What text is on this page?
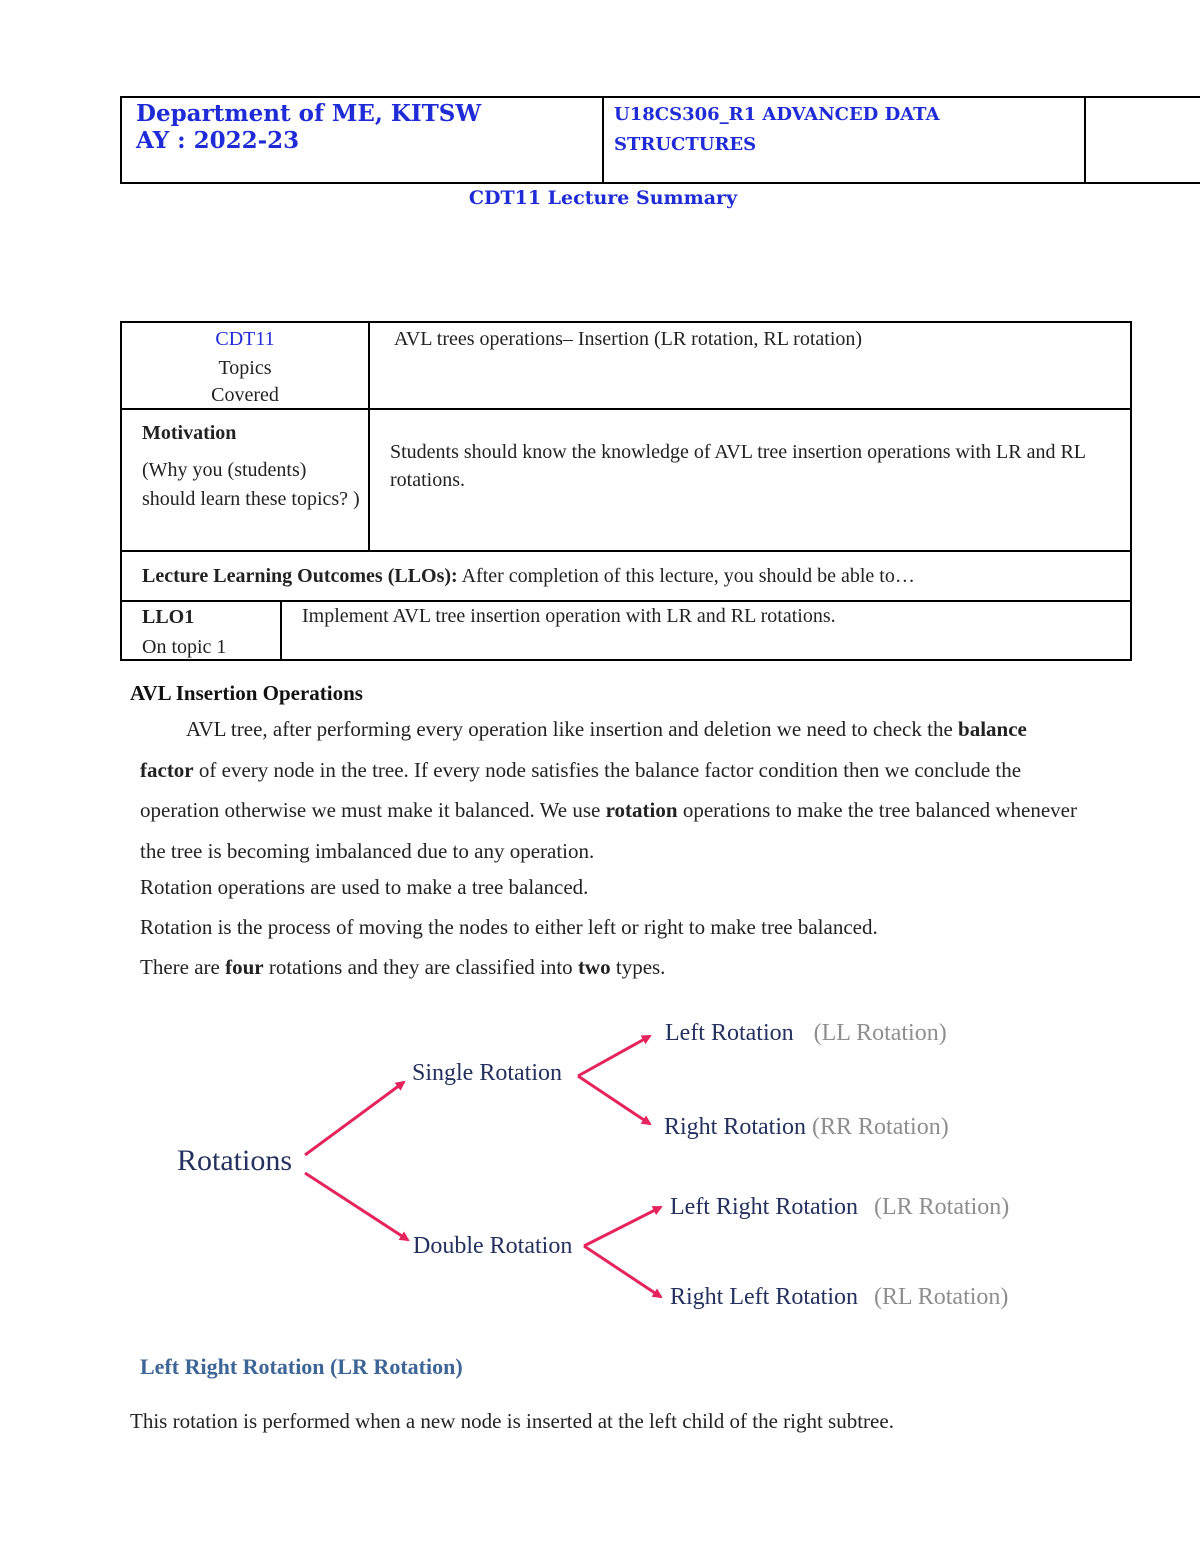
Department of ME, KITSW
AY : 2022-23
U18CS306_R1 ADVANCED DATA STRUCTURES
CDT11 Lecture Summary
CDT11
Topics
Covered
AVL trees operations– Insertion (LR rotation, RL rotation)
Motivation
(Why you (students) should learn these topics? )
Students should know the knowledge of AVL tree insertion operations with LR and RL rotations.
Lecture Learning Outcomes (LLOs): After completion of this lecture, you should be able to…
LLO1
On topic 1
Implement AVL tree insertion operation with LR and RL rotations.
AVL Insertion Operations

AVL tree, after performing every operation like insertion and deletion we need to check the balance factor of every node in the tree. If every node satisfies the balance factor condition then we conclude the operation otherwise we must make it balanced. We use rotation operations to make the tree balanced whenever the tree is becoming imbalanced due to any operation.

Rotation operations are used to make a tree balanced.
Rotation is the process of moving the nodes to either left or right to make tree balanced.
There are four rotations and they are classified into two types.
Rotations
Single Rotation
Double Rotation
Left Rotation (LL Rotation)
Right Rotation (RR Rotation)
Left Right Rotation (LR Rotation)
Right Left Rotation (RL Rotation)
Left Right Rotation (LR Rotation)
This rotation is performed when a new node is inserted at the left child of the right subtree.
